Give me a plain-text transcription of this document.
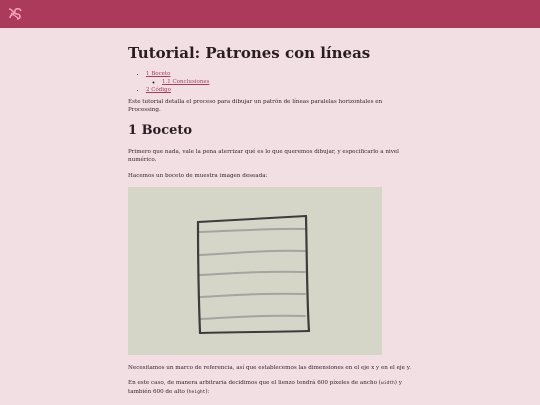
Tutorial: Patrones con líneas
• 1 Boceto
◦ 1.1 Conclusiones
• 2 Código

Este tutorial detalla el proceso para dibujar un patrón de líneas paralelas horizontales en Processing.

1 Boceto

Primero que nada, vale la pena aterrizar qué es lo que queremos dibujar, y especificarlo a nivel numérico.

Hacemos un boceto de muestra imagen deseada:

Necesitamos un marco de referencia, así que establecemos las dimensiones en el eje x y en el eje y.

En este caso, de manera arbitraria decidimos que el lienzo tendrá 600 píxeles de ancho (width) y también 600 de alto (height):
